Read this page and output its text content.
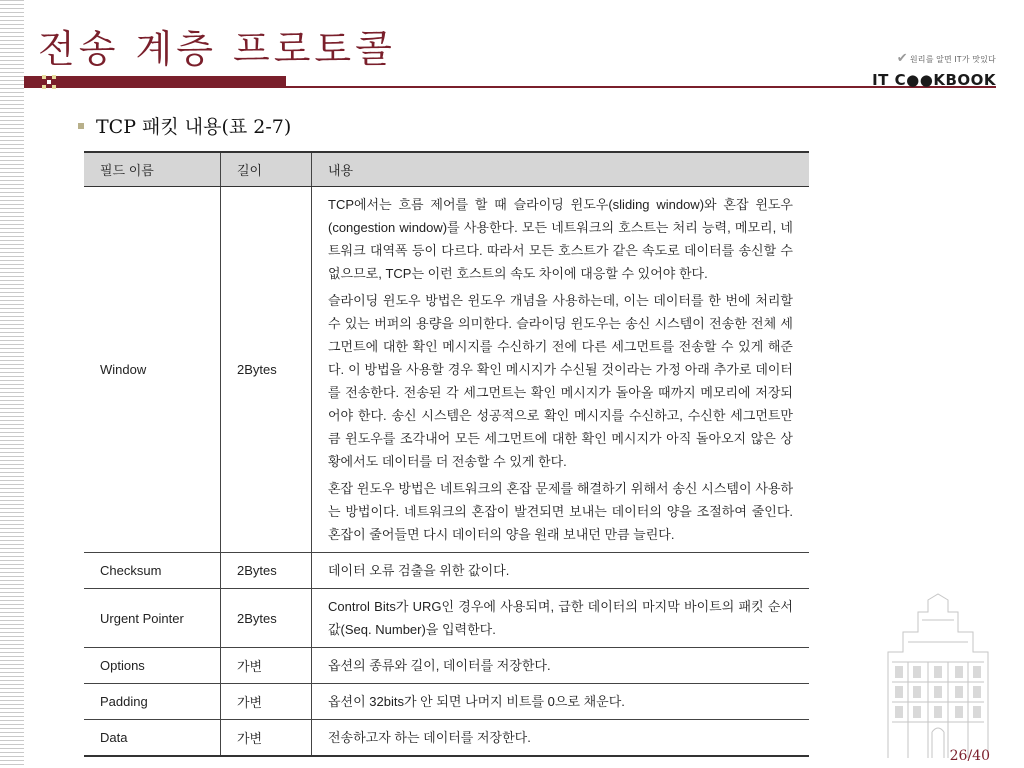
전송 계층 프로토콜	✔ 원리를 알면 IT가 맛있다
IT C●●KBOOK
TCP 패킷 내용(표 2-7)
필드 이름	길이	내용
Window	2Bytes	TCP에서는 흐름 제어를 할 때 슬라이딩 윈도우(sliding window)와 혼잡 윈도우(congestion window)를 사용한다. 모든 네트워크의 호스트는 처리 능력, 메모리, 네트워크 대역폭 등이 다르다. 따라서 모든 호스트가 같은 속도로 데이터를 송신할 수 없으므로, TCP는 이런 호스트의 속도 차이에 대응할 수 있어야 한다.

슬라이딩 윈도우 방법은 윈도우 개념을 사용하는데, 이는 데이터를 한 번에 처리할 수 있는 버퍼의 용량을 의미한다. 슬라이딩 윈도우는 송신 시스템이 전송한 전체 세그먼트에 대한 확인 메시지를 수신하기 전에 다른 세그먼트를 전송할 수 있게 해준다. 이 방법을 사용할 경우 확인 메시지가 수신될 것이라는 가정 아래 추가로 데이터를 전송한다. 전송된 각 세그먼트는 확인 메시지가 돌아올 때까지 메모리에 저장되어야 한다. 송신 시스템은 성공적으로 확인 메시지를 수신하고, 수신한 세그먼트만큼 윈도우를 조각내어 모든 세그먼트에 대한 확인 메시지가 아직 돌아오지 않은 상황에서도 데이터를 더 전송할 수 있게 한다.

혼잡 윈도우 방법은 네트워크의 혼잡 문제를 해결하기 위해서 송신 시스템이 사용하는 방법이다. 네트워크의 혼잡이 발견되면 보내는 데이터의 양을 조절하여 줄인다. 혼잡이 줄어들면 다시 데이터의 양을 원래 보내던 만큼 늘린다.

Checksum	2Bytes	데이터 오류 검출을 위한 값이다.

Urgent Pointer	2Bytes	Control Bits가 URG인 경우에 사용되며, 급한 데이터의 마지막 바이트의 패킷 순서 값(Seq. Number)을 입력한다.

Options	가변	옵션의 종류와 길이, 데이터를 저장한다.

Padding	가변	옵션이 32bits가 안 되면 나머지 비트를 0으로 채운다.

Data	가변	전송하고자 하는 데이터를 저장한다.

26/40
